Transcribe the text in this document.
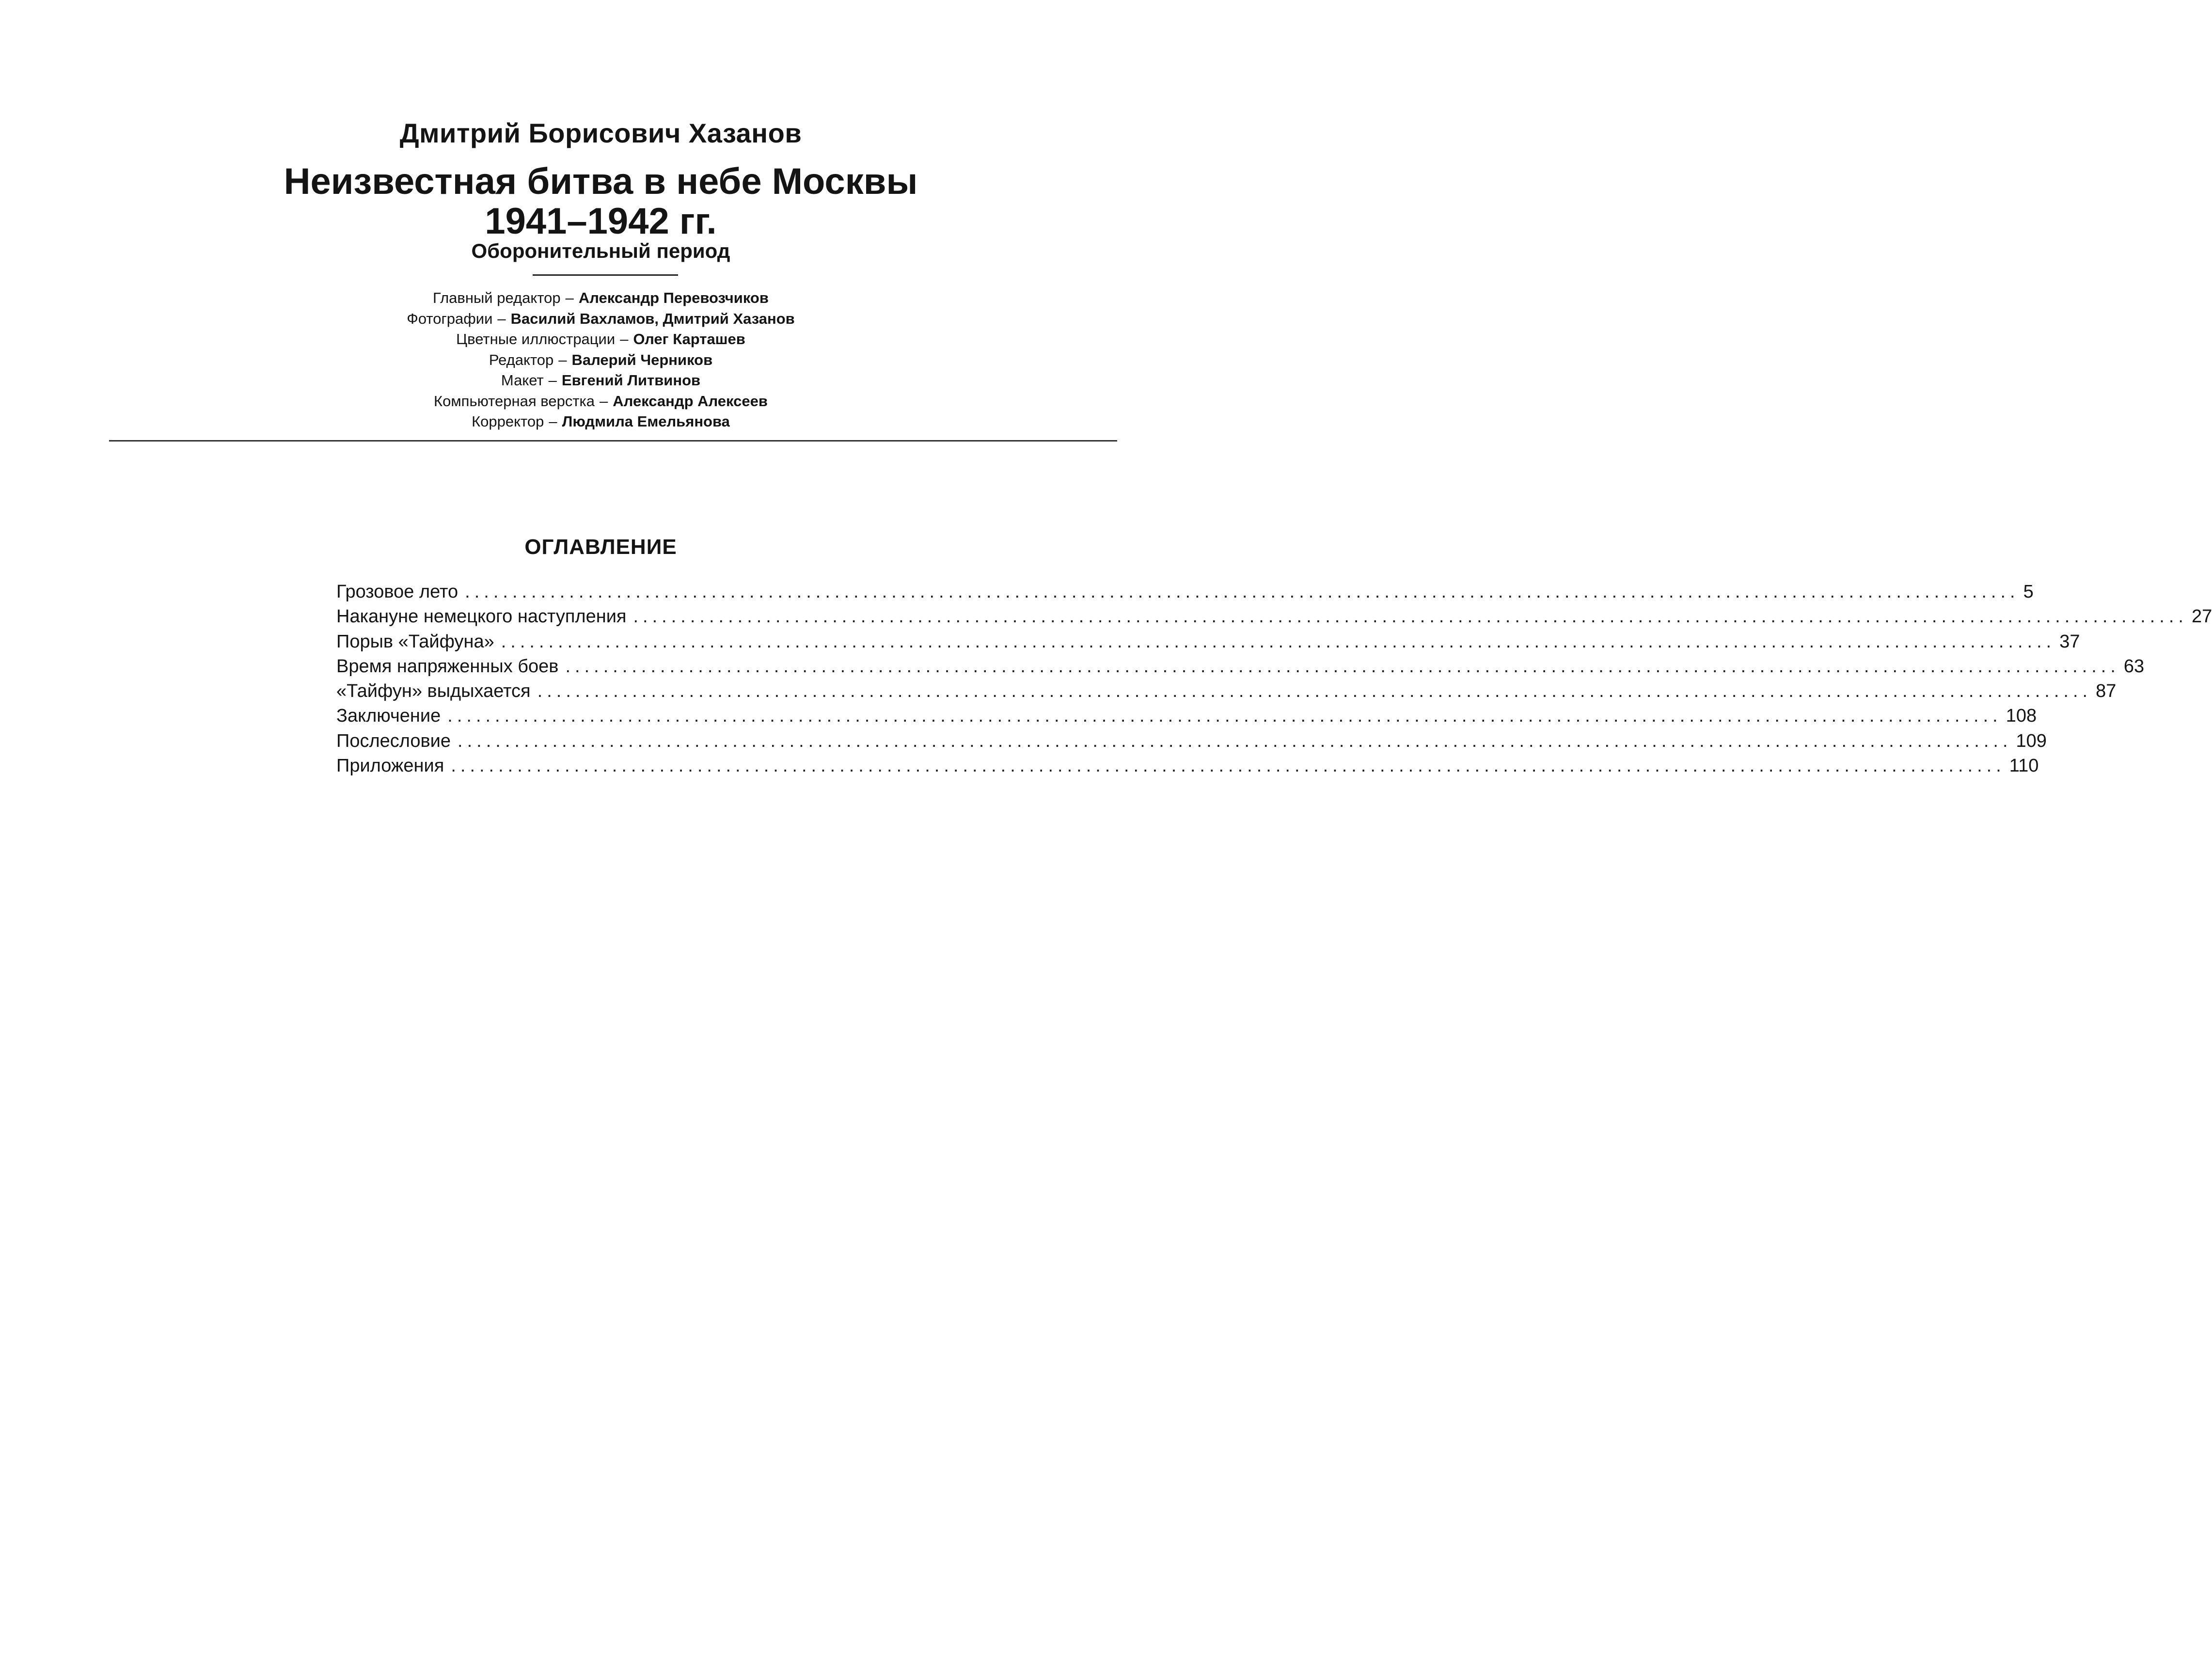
Дмитрий Борисович Хазанов
Неизвестная битва в небе Москвы
1941–1942 гг.
Оборонительный период
Главный редактор – Александр Перевозчиков
Фотографии – Василий Вахламов, Дмитрий Хазанов
Цветные иллюстрации – Олег Карташев
Редактор – Валерий Черников
Макет – Евгений Литвинов
Компьютерная верстка – Александр Алексеев
Корректор – Людмила Емельянова
ОГЛАВЛЕНИЕ
Грозовое лето .................................................................................................................................................................... 5
Накануне немецкого наступления .................................................................................................................................................................... 27
Порыв «Тайфуна» .................................................................................................................................................................... 37
Время напряженных боев .................................................................................................................................................................... 63
«Тайфун» выдыхается .................................................................................................................................................................... 87
Заключение .................................................................................................................................................................... 108
Послесловие .................................................................................................................................................................... 109
Приложения .................................................................................................................................................................... 110
